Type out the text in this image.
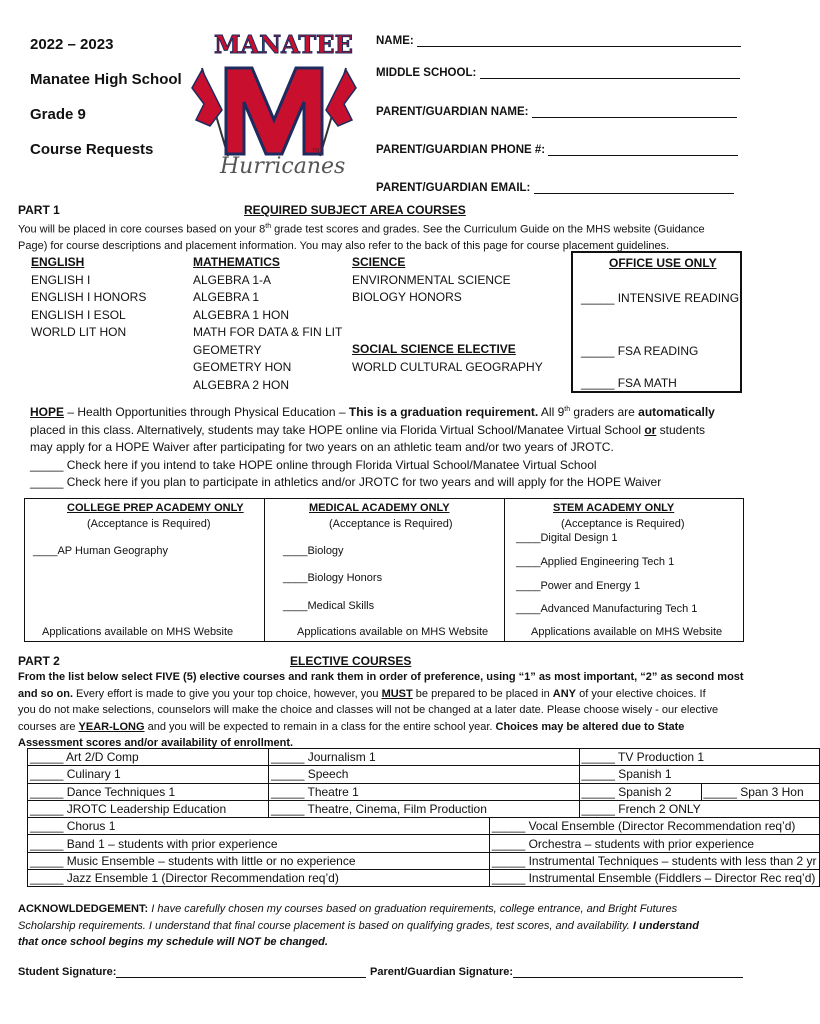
2022 – 2023
Manatee High School
Grade 9
Course Requests
MANATEE
Hurricanes
TM
NAME:
MIDDLE SCHOOL:
PARENT/GUARDIAN NAME:
PARENT/GUARDIAN PHONE #:
PARENT/GUARDIAN EMAIL:
PART 1	REQUIRED SUBJECT AREA COURSES
You will be placed in core courses based on your 8th grade test scores and grades. See the Curriculum Guide on the MHS website (Guidance
Page) for course descriptions and placement information. You may also refer to the back of this page for course placement guidelines.
ENGLISH
ENGLISH I
ENGLISH I HONORS
ENGLISH I ESOL
WORLD LIT HON
MATHEMATICS
ALGEBRA 1-A
ALGEBRA 1
ALGEBRA 1 HON
MATH FOR DATA & FIN LIT
GEOMETRY
GEOMETRY HON
ALGEBRA 2 HON
SCIENCE
ENVIRONMENTAL SCIENCE
BIOLOGY HONORS
SOCIAL SCIENCE ELECTIVE
WORLD CULTURAL GEOGRAPHY
OFFICE USE ONLY
_____ INTENSIVE READING
_____ FSA READING
_____ FSA MATH
HOPE – Health Opportunities through Physical Education – This is a graduation requirement. All 9th graders are automatically
placed in this class. Alternatively, students may take HOPE online via Florida Virtual School/Manatee Virtual School or students
may apply for a HOPE Waiver after participating for two years on an athletic team and/or two years of JROTC.
_____ Check here if you intend to take HOPE online through Florida Virtual School/Manatee Virtual School
_____ Check here if you plan to participate in athletics and/or JROTC for two years and will apply for the HOPE Waiver
COLLEGE PREP ACADEMY ONLY
(Acceptance is Required)
____AP Human Geography
Applications available on MHS Website
MEDICAL ACADEMY ONLY
(Acceptance is Required)
____Biology
____Biology Honors
____Medical Skills
Applications available on MHS Website
STEM ACADEMY ONLY
(Acceptance is Required)
____Digital Design 1
____Applied Engineering Tech 1
____Power and Energy 1
____Advanced Manufacturing Tech 1
Applications available on MHS Website
PART 2	ELECTIVE COURSES
From the list below select FIVE (5) elective courses and rank them in order of preference, using “1” as most important, “2” as second most
and so on. Every effort is made to give you your top choice, however, you MUST be prepared to be placed in ANY of your elective choices. If
you do not make selections, counselors will make the choice and classes will not be changed at a later date. Please choose wisely - our elective
courses are YEAR-LONG and you will be expected to remain in a class for the entire school year. Choices may be altered due to State
Assessment scores and/or availability of enrollment.
_____ Art 2/D Comp	_____ Journalism 1		_____ TV Production 1	
_____ Culinary 1	_____ Speech		_____ Spanish 1	
_____ Dance Techniques 1	_____ Theatre 1		_____ Spanish 2	_____ Span 3 Hon
_____ JROTC Leadership Education	_____ Theatre, Cinema, Film Production		_____ French 2 ONLY	
_____ Chorus 1		_____ Vocal Ensemble (Director Recommendation req’d)		
_____ Band 1 – students with prior experience		_____ Orchestra – students with prior experience		
_____ Music Ensemble – students with little or no experience		_____ Instrumental Techniques – students with less than 2 yr		
_____ Jazz Ensemble 1 (Director Recommendation req’d)		_____ Instrumental Ensemble (Fiddlers – Director Rec req’d)		
ACKNOWLDEDGEMENT: I have carefully chosen my courses based on graduation requirements, college entrance, and Bright Futures
Scholarship requirements. I understand that final course placement is based on qualifying grades, test scores, and availability. I understand
that once school begins my schedule will NOT be changed.
Student Signature:	Parent/Guardian Signature:
